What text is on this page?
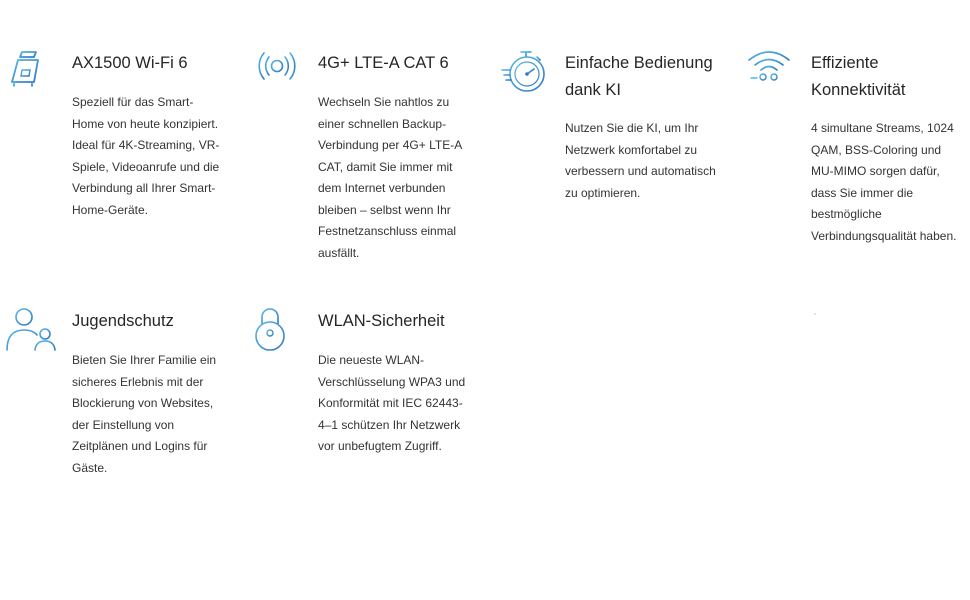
AX1500 Wi-Fi 6

Speziell für das Smart-Home von heute konzipiert. Ideal für 4K-Streaming, VR-Spiele, Videoanrufe und die Verbindung all Ihrer Smart-Home-Geräte.

4G+ LTE-A CAT 6

Wechseln Sie nahtlos zu einer schnellen Backup-Verbindung per 4G+ LTE-A CAT, damit Sie immer mit dem Internet verbunden bleiben – selbst wenn Ihr Festnetzanschluss einmal ausfällt.

Einfache Bedienung dank KI

Nutzen Sie die KI, um Ihr Netzwerk komfortabel zu verbessern und automatisch zu optimieren.

Effiziente Konnektivität

4 simultane Streams, 1024 QAM, BSS-Coloring und MU-MIMO sorgen dafür, dass Sie immer die bestmögliche Verbindungsqualität haben.

Jugendschutz

Bieten Sie Ihrer Familie ein sicheres Erlebnis mit der Blockierung von Websites, der Einstellung von Zeitplänen und Logins für Gäste.

WLAN-Sicherheit

Die neueste WLAN-Verschlüsselung WPA3 und Konformität mit IEC 62443-4–1 schützen Ihr Netzwerk vor unbefugtem Zugriff.
